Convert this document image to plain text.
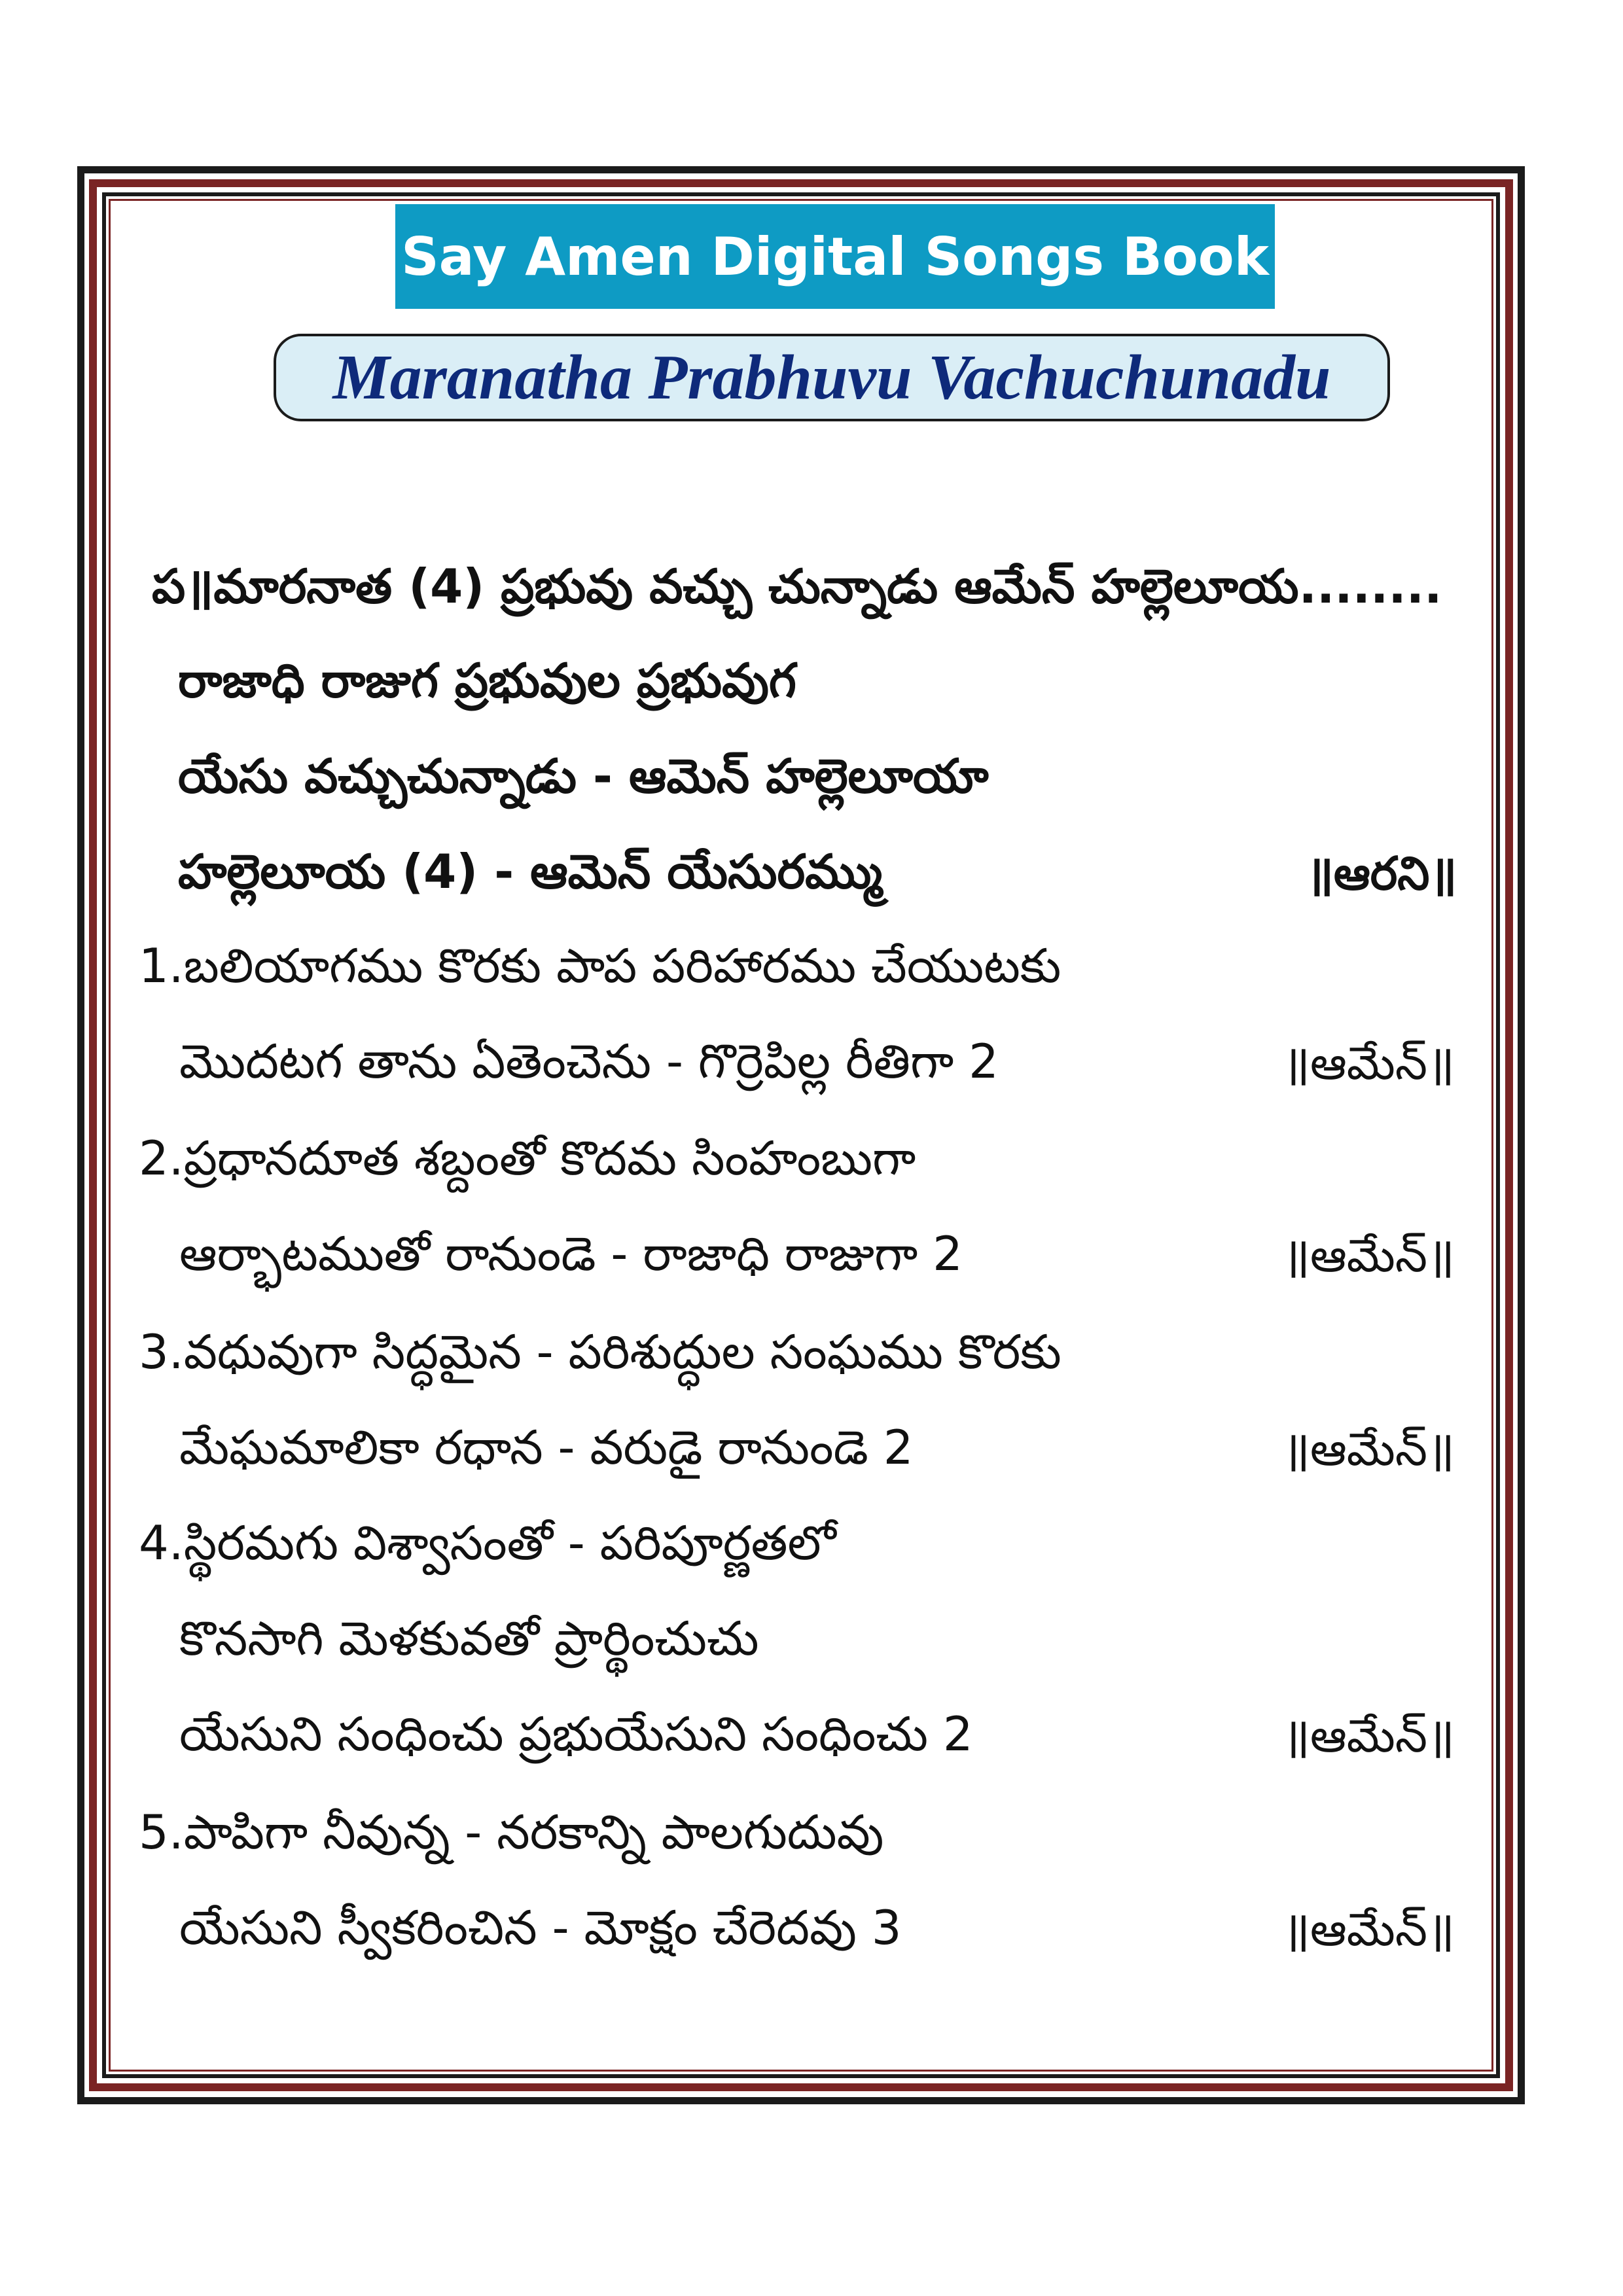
Say Amen Digital Songs Book
Maranatha Prabhuvu Vachuchunadu
ప॥మారనాత (4) ప్రభువు వచ్చు చున్నాడు ఆమేన్ హల్లెలూయ........
రాజాధి రాజుగ ప్రభువుల ప్రభువుగ
యేసు వచ్చుచున్నాడు - ఆమెన్ హల్లెలూయా
హల్లెలూయ (4) - ఆమెన్ యేసురమ్ము	॥ఆరని॥
1.బలియాగము కొరకు పాప పరిహారము చేయుటకు
మొదటగ తాను ఏతెంచెను - గొర్రెపిల్ల రీతిగా 2	॥ఆమేన్॥
2.ప్రధానదూత శబ్దంతో కొదమ సింహంబుగా
ఆర్భాటముతో రానుండె - రాజాధి రాజుగా 2	॥ఆమేన్॥
3.వధువుగా సిద్ధమైన - పరిశుద్ధుల సంఘము కొరకు
మేఘమాలికా రధాన - వరుడై రానుండె 2	॥ఆమేన్॥
4.స్థిరమగు విశ్వాసంతో - పరిపూర్ణతలో
కొనసాగి మెళకువతో ప్రార్థించుచు
యేసుని సంధించు ప్రభుయేసుని సంధించు 2	॥ఆమేన్॥
5.పాపిగా నీవున్న - నరకాన్ని పాలగుదువు
యేసుని స్వీకరించిన - మోక్షం చేరెదవు 3	॥ఆమేన్॥
